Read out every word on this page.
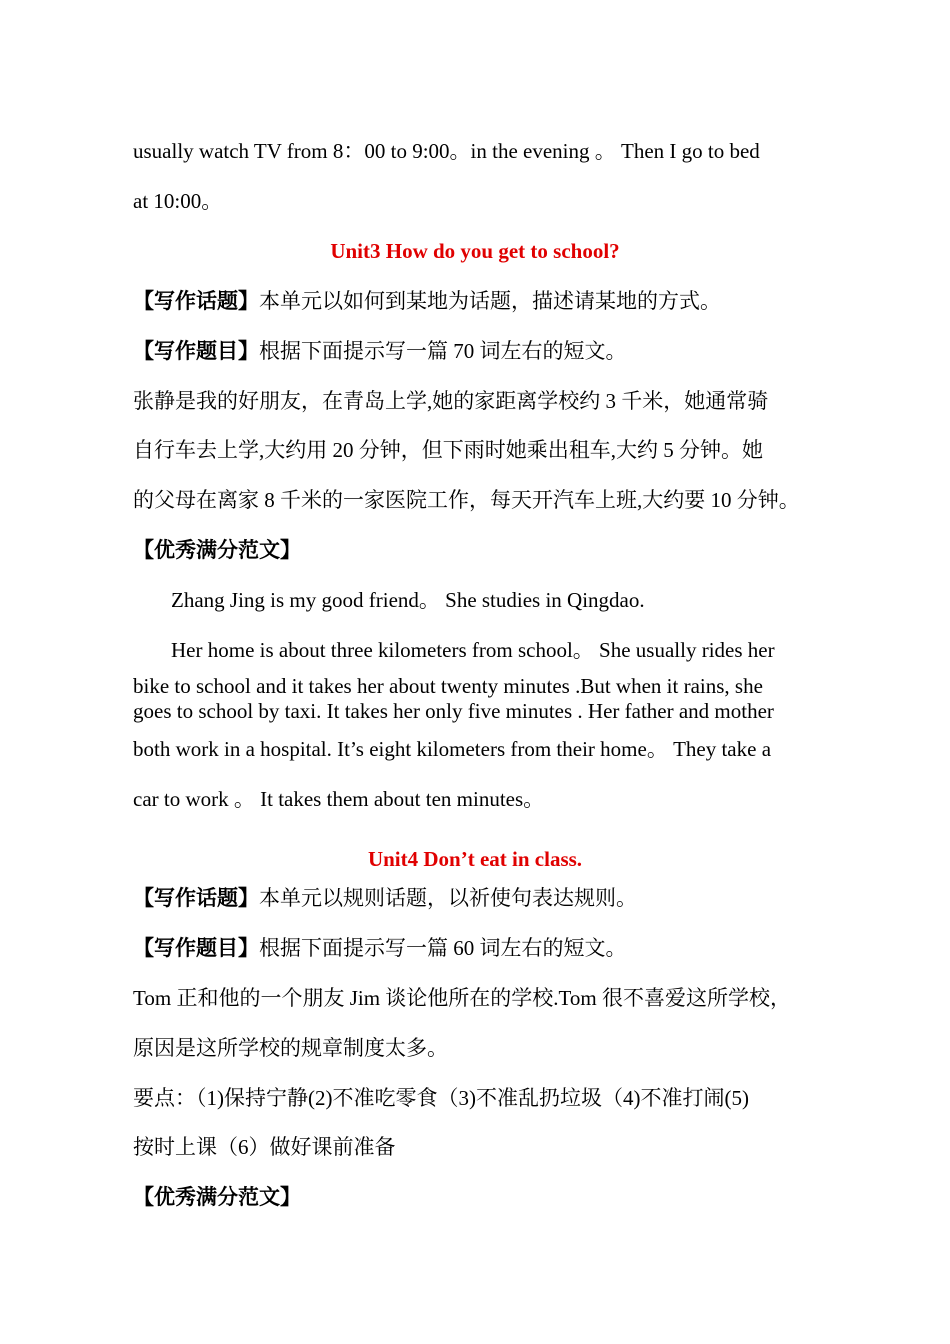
usually watch TV from 8：00 to 9:00。in the evening 。 Then I go to bed
at 10:00。
Unit3 How do you get to school?
【写作话题】本单元以如何到某地为话题，描述请某地的方式。
【写作题目】根据下面提示写一篇 70 词左右的短文。
张静是我的好朋友，在青岛上学,她的家距离学校约 3 千米，她通常骑
自行车去上学,大约用 20 分钟，但下雨时她乘出租车,大约 5 分钟。她
的父母在离家 8 千米的一家医院工作，每天开汽车上班,大约要 10 分钟。
【优秀满分范文】
Zhang Jing is my good friend。 She studies in Qingdao.
Her home is about three kilometers from school。 She usually rides her
bike to school and it takes her about twenty minutes .But when it rains, she
goes to school by taxi. It takes her only five minutes . Her father and mother
both work in a hospital. It’s eight kilometers from their home。 They take a
car to work 。 It takes them about ten minutes。
Unit4 Don’t eat in class.
【写作话题】本单元以规则话题，以祈使句表达规则。
【写作题目】根据下面提示写一篇 60 词左右的短文。
Tom 正和他的一个朋友 Jim 谈论他所在的学校.Tom 很不喜爱这所学校，
原因是这所学校的规章制度太多。
要点：（1)保持宁静(2)不准吃零食（3)不准乱扔垃圾（4)不准打闹(5)
按时上课（6）做好课前准备
【优秀满分范文】
